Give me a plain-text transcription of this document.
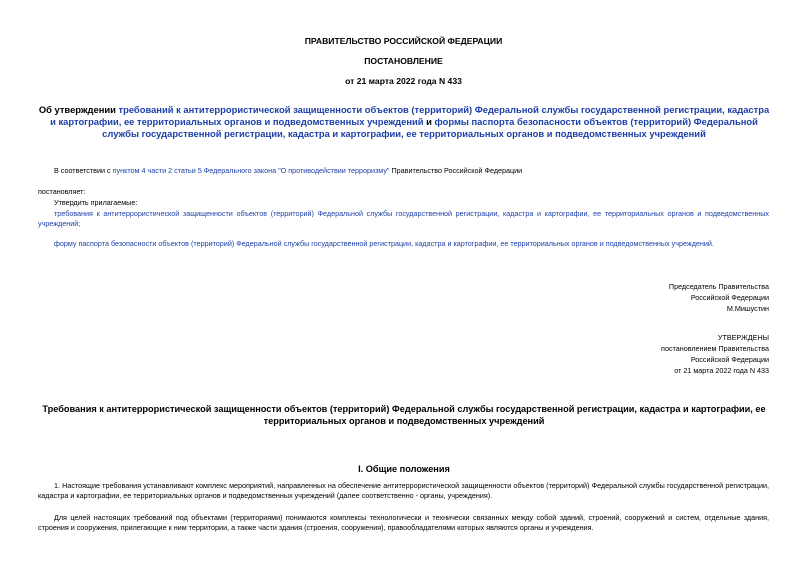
ПРАВИТЕЛЬСТВО РОССИЙСКОЙ ФЕДЕРАЦИИ
ПОСТАНОВЛЕНИЕ
от 21 марта 2022 года N 433
Об утверждении требований к антитеррористической защищенности объектов (территорий) Федеральной службы государственной регистрации, кадастра и картографии, ее территориальных органов и подведомственных учреждений и формы паспорта безопасности объектов (территорий) Федеральной службы государственной регистрации, кадастра и картографии, ее территориальных органов и подведомственных учреждений
В соответствии с пунктом 4 части 2 статьи 5 Федерального закона "О противодействии терроризму" Правительство Российской Федерации
постановляет:
Утвердить прилагаемые:
требования к антитеррористической защищенности объектов (территорий) Федеральной службы государственной регистрации, кадастра и картографии, ее территориальных органов и подведомственных учреждений;
форму паспорта безопасности объектов (территорий) Федеральной службы государственной регистрации, кадастра и картографии, ее территориальных органов и подведомственных учреждений.
Председатель Правительства
Российской Федерации
М.Мишустин
УТВЕРЖДЕНЫ
постановлением Правительства
Российской Федерации
от 21 марта 2022 года N 433
Требования к антитеррористической защищенности объектов (территорий) Федеральной службы государственной регистрации, кадастра и картографии, ее территориальных органов и подведомственных учреждений
I. Общие положения
1. Настоящие требования устанавливают комплекс мероприятий, направленных на обеспечение антитеррористической защищенности объектов (территорий) Федеральной службы государственной регистрации, кадастра и картографии, ее территориальных органов и подведомственных учреждений (далее соответственно - органы, учреждения).
Для целей настоящих требований под объектами (территориями) понимаются комплексы технологически и технически связанных между собой зданий, строений, сооружений и систем, отдельные здания, строения и сооружения, прилегающие к ним территории, а также части здания (строения, сооружения), правообладателями которых являются органы и учреждения.
